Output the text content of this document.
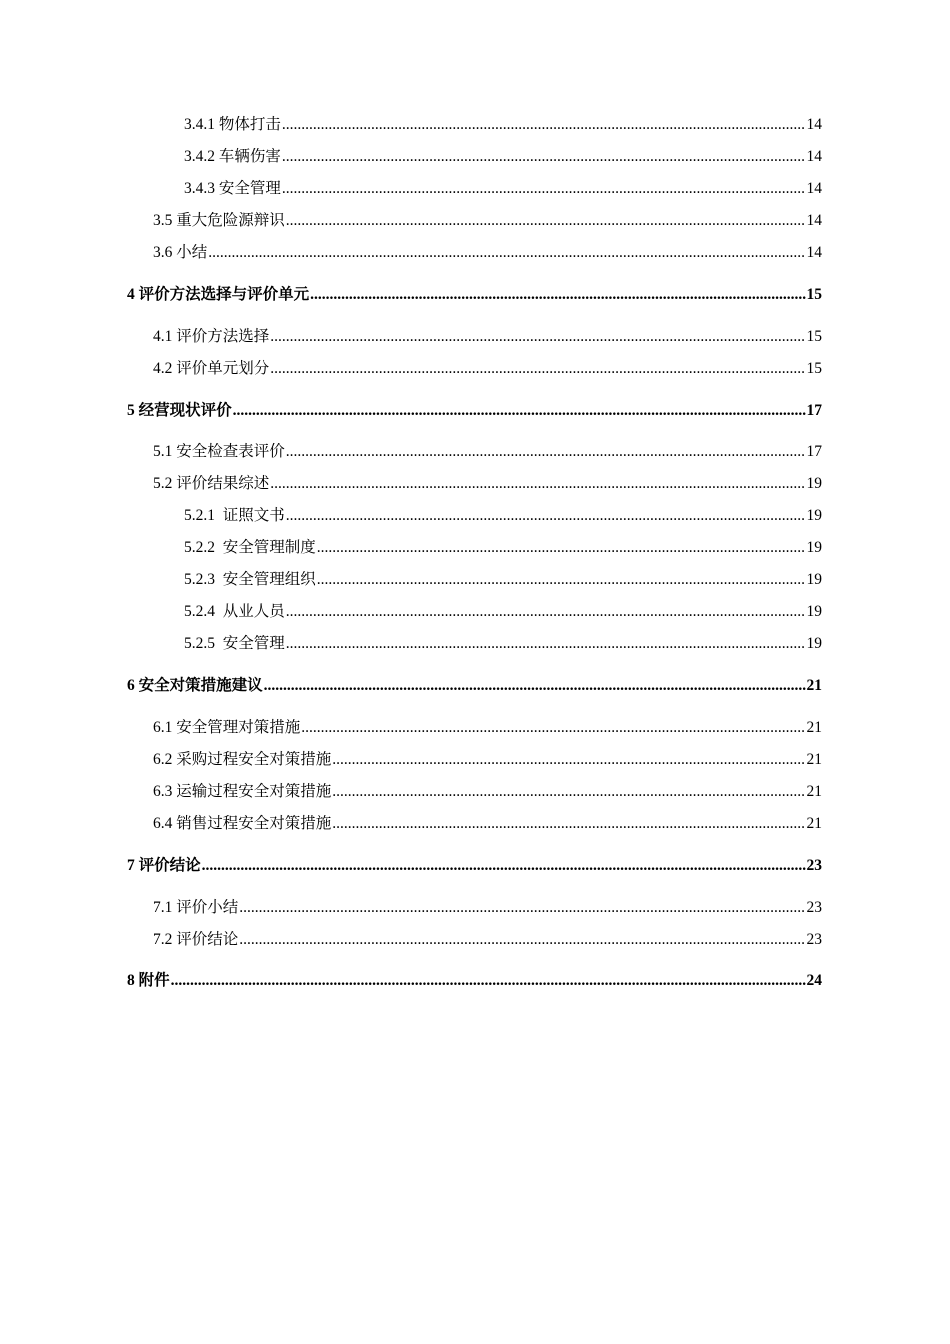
3.4.1 物体打击 .....	14
3.4.2 车辆伤害 .....	14
3.4.3 安全管理 .....	14
3.5 重大危险源辩识 .....	14
3.6 小结 .....	14
4 评价方法选择与评价单元 .....	15
4.1 评价方法选择 .....	15
4.2 评价单元划分 .....	15
5 经营现状评价 .....	17
5.1 安全检查表评价 .....	17
5.2 评价结果综述 .....	19
5.2.1  证照文书 .....	19
5.2.2  安全管理制度 .....	19
5.2.3  安全管理组织 .....	19
5.2.4  从业人员 .....	19
5.2.5  安全管理 .....	19
6 安全对策措施建议 .....	21
6.1 安全管理对策措施 .....	21
6.2 采购过程安全对策措施 .....	21
6.3 运输过程安全对策措施 .....	21
6.4 销售过程安全对策措施 .....	21
7 评价结论 .....	23
7.1 评价小结 .....	23
7.2 评价结论 .....	23
8 附件 .....	24
